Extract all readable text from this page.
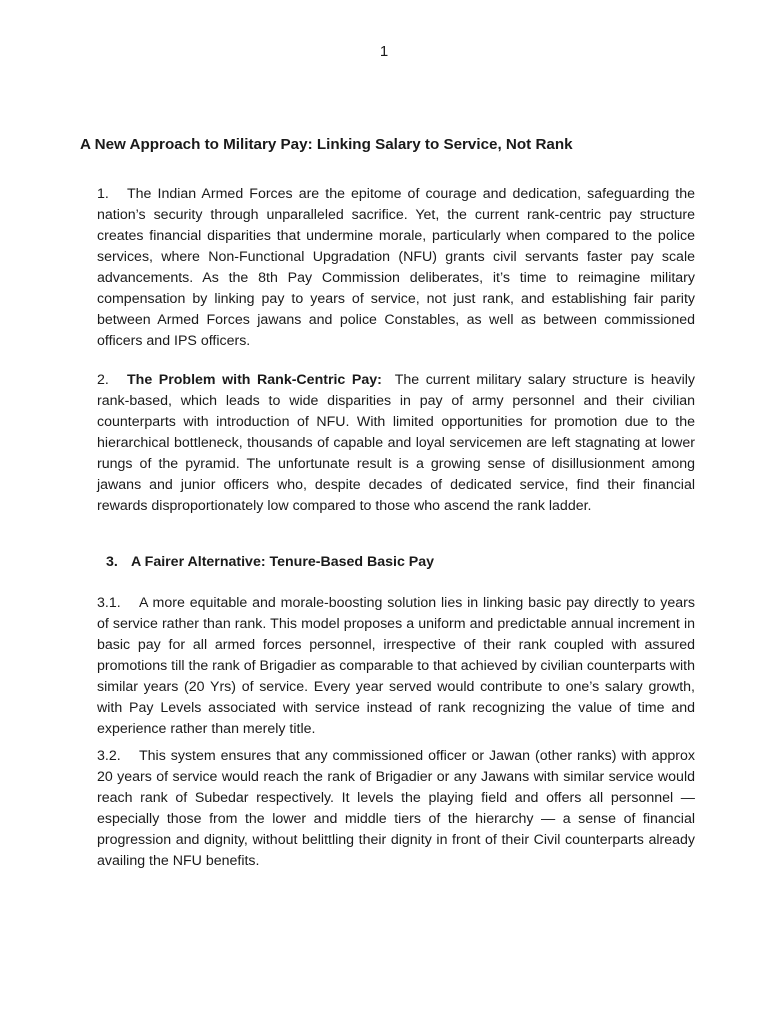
1
A New Approach to Military Pay: Linking Salary to Service, Not Rank

1. The Indian Armed Forces are the epitome of courage and dedication, safeguarding the nation’s security through unparalleled sacrifice. Yet, the current rank-centric pay structure creates financial disparities that undermine morale, particularly when compared to the police services, where Non-Functional Upgradation (NFU) grants civil servants faster pay scale advancements. As the 8th Pay Commission deliberates, it’s time to reimagine military compensation by linking pay to years of service, not just rank, and establishing fair parity between Armed Forces jawans and police Constables, as well as between commissioned officers and IPS officers.

2. The Problem with Rank-Centric Pay: The current military salary structure is heavily rank-based, which leads to wide disparities in pay of army personnel and their civilian counterparts with introduction of NFU. With limited opportunities for promotion due to the hierarchical bottleneck, thousands of capable and loyal servicemen are left stagnating at lower rungs of the pyramid. The unfortunate result is a growing sense of disillusionment among jawans and junior officers who, despite decades of dedicated service, find their financial rewards disproportionately low compared to those who ascend the rank ladder.

3. A Fairer Alternative: Tenure-Based Basic Pay

3.1. A more equitable and morale-boosting solution lies in linking basic pay directly to years of service rather than rank. This model proposes a uniform and predictable annual increment in basic pay for all armed forces personnel, irrespective of their rank coupled with assured promotions till the rank of Brigadier as comparable to that achieved by civilian counterparts with similar years (20 Yrs) of service. Every year served would contribute to one’s salary growth, with Pay Levels associated with service instead of rank recognizing the value of time and experience rather than merely title.

3.2. This system ensures that any commissioned officer or Jawan (other ranks) with approx 20 years of service would reach the rank of Brigadier or any Jawans with similar service would reach rank of Subedar respectively. It levels the playing field and offers all personnel — especially those from the lower and middle tiers of the hierarchy — a sense of financial progression and dignity, without belittling their dignity in front of their Civil counterparts already availing the NFU benefits.
